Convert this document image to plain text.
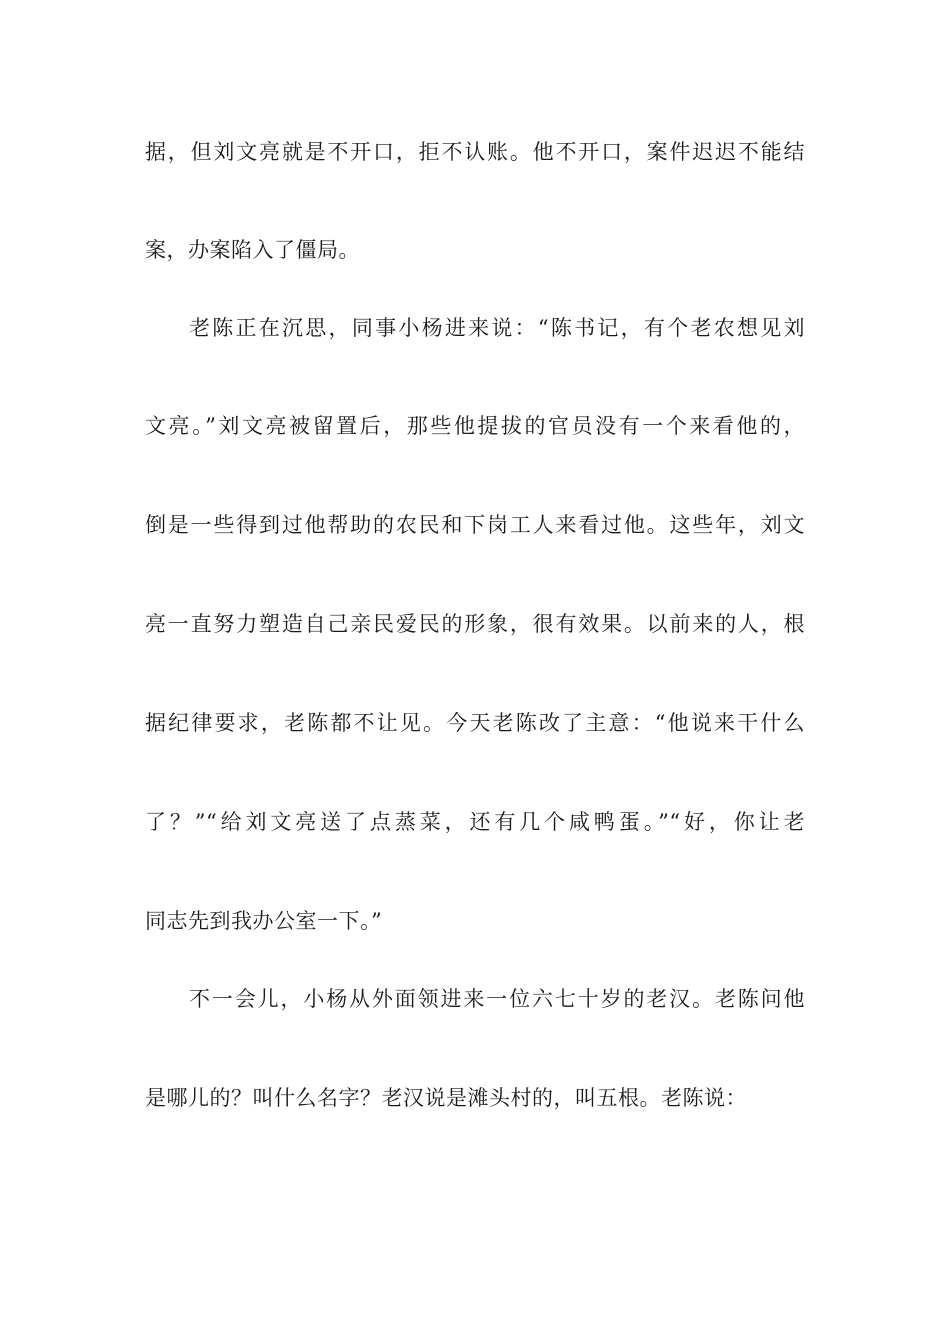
据，但刘文亮就是不开口，拒不认账。他不开口，案件迟迟不能结
案，办案陷入了僵局。
老陈正在沉思，同事小杨进来说：“陈书记，有个老农想见刘
文亮。”刘文亮被留置后，那些他提拔的官员没有一个来看他的，
倒是一些得到过他帮助的农民和下岗工人来看过他。这些年，刘文
亮一直努力塑造自己亲民爱民的形象，很有效果。以前来的人，根
据纪律要求，老陈都不让见。今天老陈改了主意：“他说来干什么
了？”“给刘文亮送了点蒸菜，还有几个咸鸭蛋。”“好，你让老
同志先到我办公室一下。”
不一会儿，小杨从外面领进来一位六七十岁的老汉。老陈问他
是哪儿的？叫什么名字？老汉说是滩头村的，叫五根。老陈说：
